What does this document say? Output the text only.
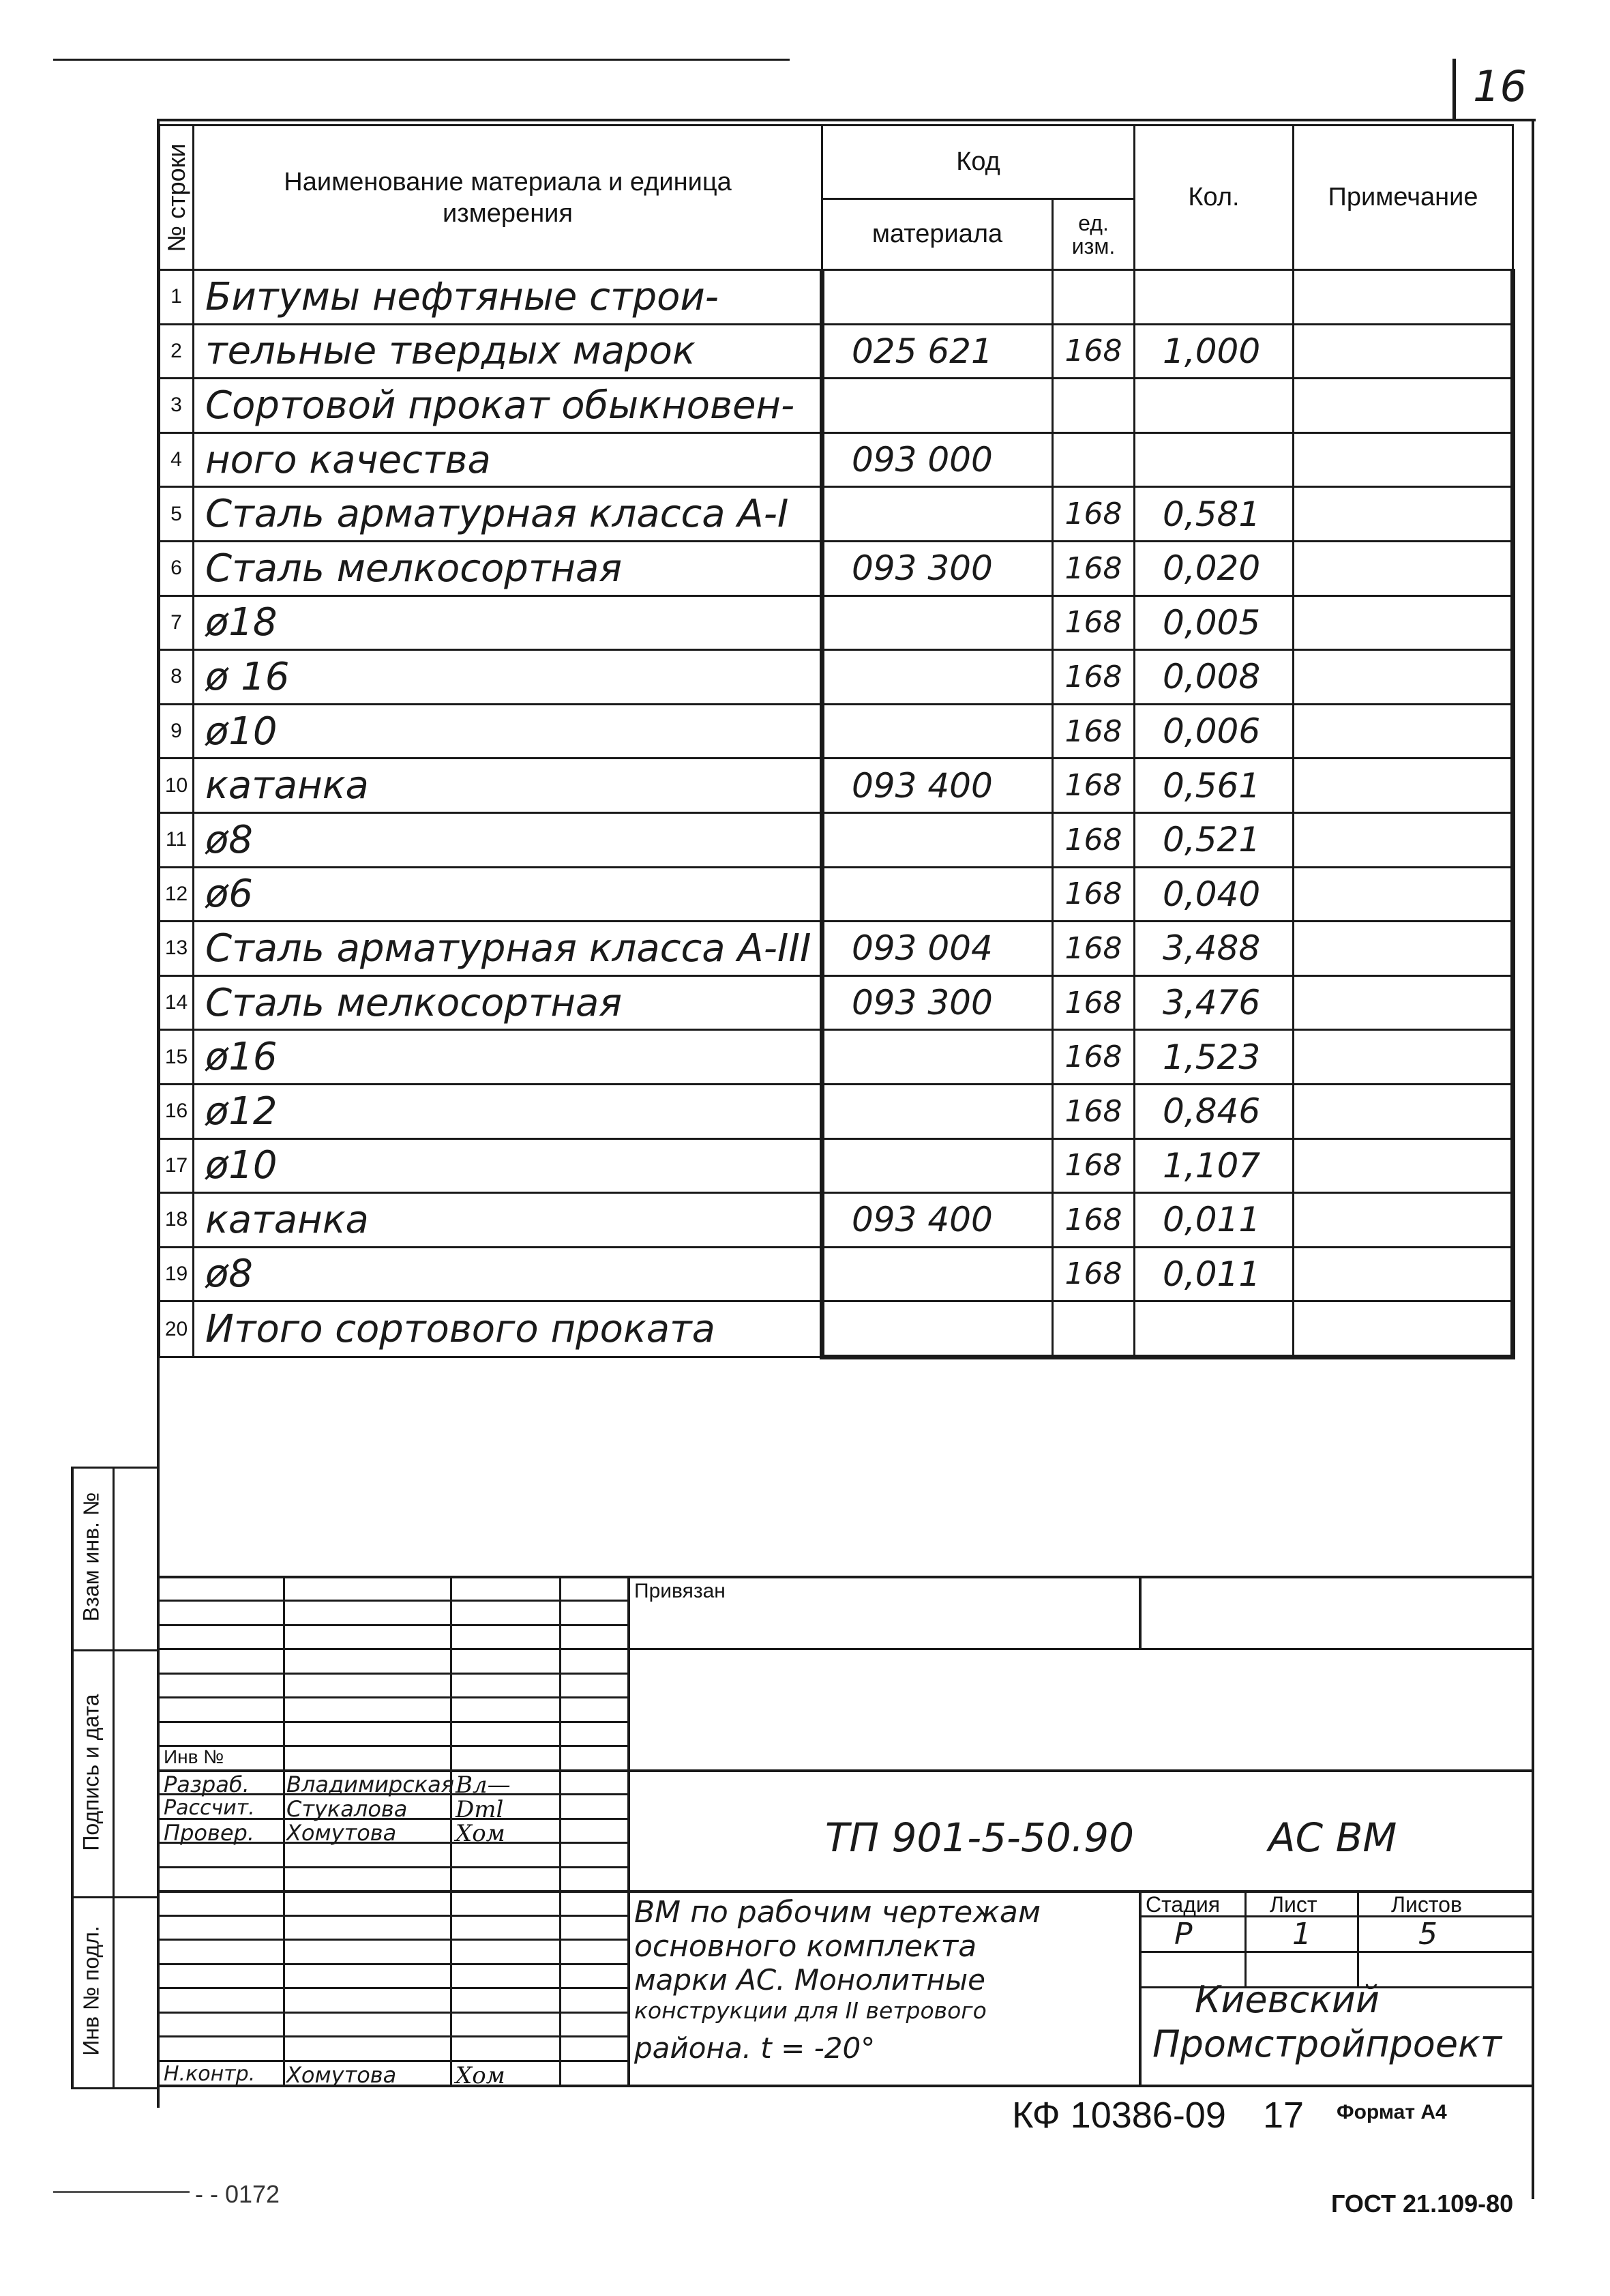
16
№ строки	Наименование материала и единица измерения	Код		Кол.	Примечание
		материала	ед. изм.		
1	Битумы нефтяные строи-				
2	тельные твердых марок	025 621	168	1,000	
3	Сортовой прокат обыкновен-				
4	ного качества	093 000			
5	Сталь арматурная класса А-I		168	0,581	
6	Сталь мелкосортная	093 300	168	0,020	
7	ø18		168	0,005	
8	ø 16		168	0,008	
9	ø10		168	0,006	
10	катанка	093 400	168	0,561	
11	ø8		168	0,521	
12	ø6		168	0,040	
13	Сталь арматурная класса А-III	093 004	168	3,488	
14	Сталь мелкосортная	093 300	168	3,476	
15	ø16		168	1,523	
16	ø12		168	0,846	
17	ø10		168	1,107	
18	катанка	093 400	168	0,011	
19	ø8		168	0,011	
20	Итого сортового проката				
Взам инв. №
Подпись и дата
Инв № подл.
Привязан
Инв №
Разраб. Владимирская Вл—
Рассчит. Стукалова Dml
Провер. Хомутова	Хом
Н.контр. Хомутова	Хом
ТП 901-5-50.90	АС ВМ
ВМ по рабочим чертежам
основного комплекта
марки АС. Монолитные
конструкции для II ветрового
района. t = -20°
Стадия Лист	Листов
Р	1	5
Киевский
Промстройпроект
КФ 10386-09 17 Формат А4
- - 0172	ГОСТ 21.109-80
